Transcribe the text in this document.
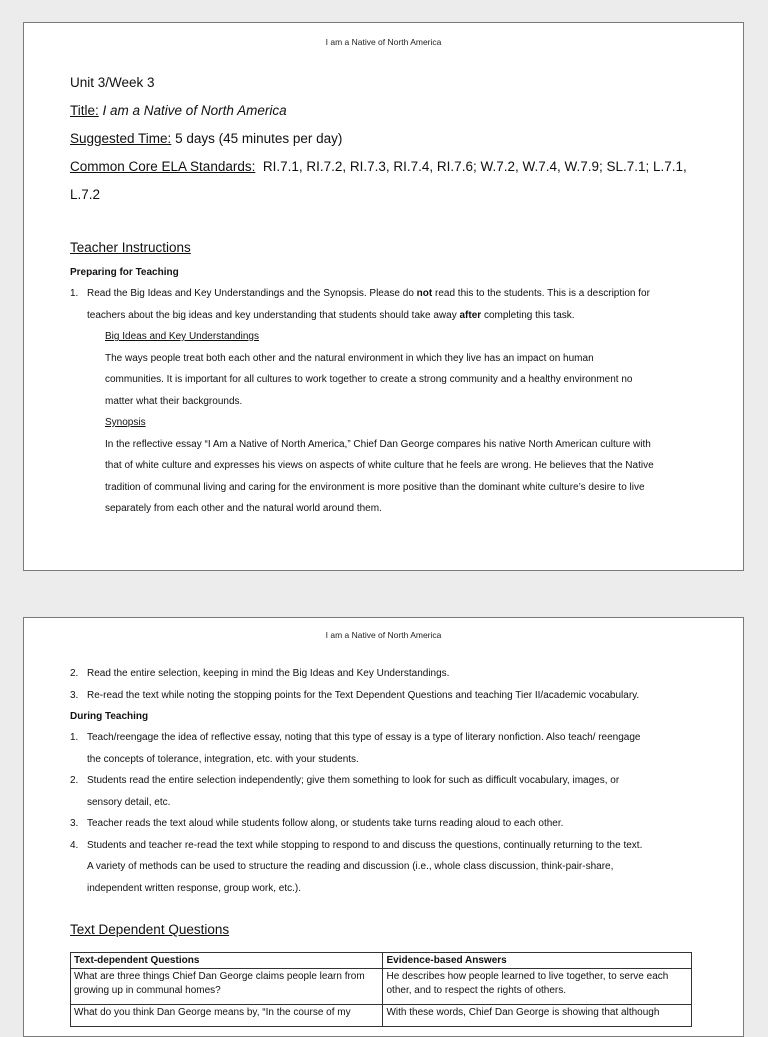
I am a Native of North America
Unit 3/Week 3
Title: I am a Native of North America
Suggested Time: 5 days (45 minutes per day)
Common Core ELA Standards: RI.7.1, RI.7.2, RI.7.3, RI.7.4, RI.7.6; W.7.2, W.7.4, W.7.9; SL.7.1; L.7.1,
L.7.2
Teacher Instructions
Preparing for Teaching
1. Read the Big Ideas and Key Understandings and the Synopsis. Please do not read this to the students. This is a description for
teachers about the big ideas and key understanding that students should take away after completing this task.
Big Ideas and Key Understandings
The ways people treat both each other and the natural environment in which they live has an impact on human
communities. It is important for all cultures to work together to create a strong community and a healthy environment no
matter what their backgrounds.
Synopsis
In the reflective essay “I Am a Native of North America,” Chief Dan George compares his native North American culture with
that of white culture and expresses his views on aspects of white culture that he feels are wrong. He believes that the Native
tradition of communal living and caring for the environment is more positive than the dominant white culture’s desire to live
separately from each other and the natural world around them.
I am a Native of North America
2. Read the entire selection, keeping in mind the Big Ideas and Key Understandings.
3. Re-read the text while noting the stopping points for the Text Dependent Questions and teaching Tier II/academic vocabulary.
During Teaching
1. Teach/reengage the idea of reflective essay, noting that this type of essay is a type of literary nonfiction. Also teach/ reengage
the concepts of tolerance, integration, etc. with your students.
2. Students read the entire selection independently; give them something to look for such as difficult vocabulary, images, or
sensory detail, etc.
3. Teacher reads the text aloud while students follow along, or students take turns reading aloud to each other.
4. Students and teacher re-read the text while stopping to respond to and discuss the questions, continually returning to the text.
A variety of methods can be used to structure the reading and discussion (i.e., whole class discussion, think-pair-share,
independent written response, group work, etc.).
Text Dependent Questions
Text-dependent Questions	Evidence-based Answers
What are three things Chief Dan George claims people learn from growing up in communal homes?	He describes how people learned to live together, to serve each other, and to respect the rights of others.
What do you think Dan George means by, “In the course of my	With these words, Chief Dan George is showing that although
